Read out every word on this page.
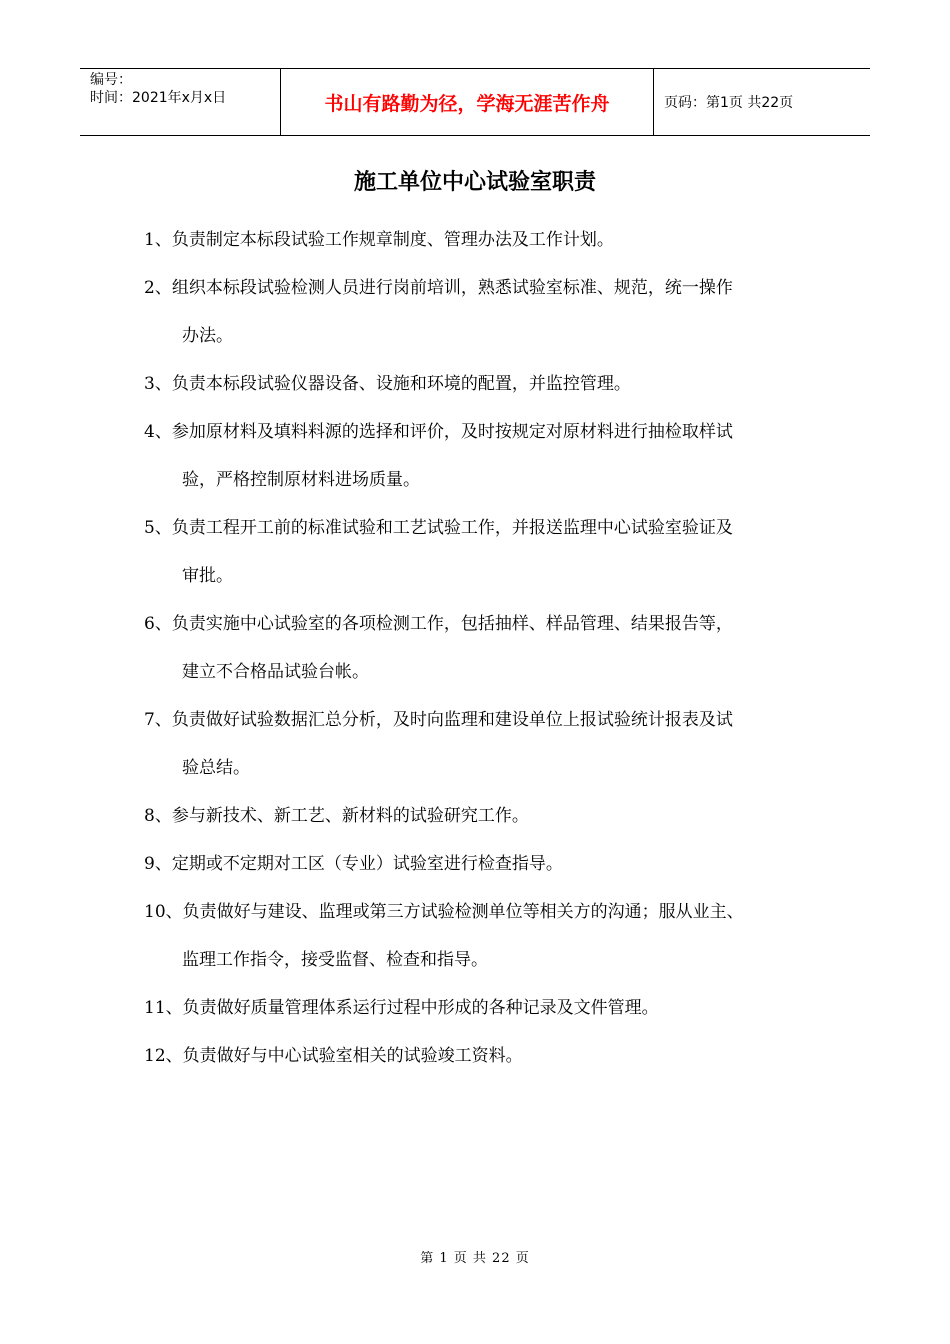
编号：
时间：2021年x月x日	书山有路勤为径，学海无涯苦作舟	页码：第1页 共22页
施工单位中心试验室职责
1、负责制定本标段试验工作规章制度、管理办法及工作计划。
2、组织本标段试验检测人员进行岗前培训，熟悉试验室标准、规范，统一操作
办法。
3、负责本标段试验仪器设备、设施和环境的配置，并监控管理。
4、参加原材料及填料料源的选择和评价，及时按规定对原材料进行抽检取样试
验，严格控制原材料进场质量。
5、负责工程开工前的标准试验和工艺试验工作，并报送监理中心试验室验证及
审批。
6、负责实施中心试验室的各项检测工作，包括抽样、样品管理、结果报告等，
建立不合格品试验台帐。
7、负责做好试验数据汇总分析，及时向监理和建设单位上报试验统计报表及试
验总结。
8、参与新技术、新工艺、新材料的试验研究工作。
9、定期或不定期对工区（专业）试验室进行检查指导。
10、负责做好与建设、监理或第三方试验检测单位等相关方的沟通；服从业主、
监理工作指令，接受监督、检查和指导。
11、负责做好质量管理体系运行过程中形成的各种记录及文件管理。
12、负责做好与中心试验室相关的试验竣工资料。
第 1 页 共 22 页
